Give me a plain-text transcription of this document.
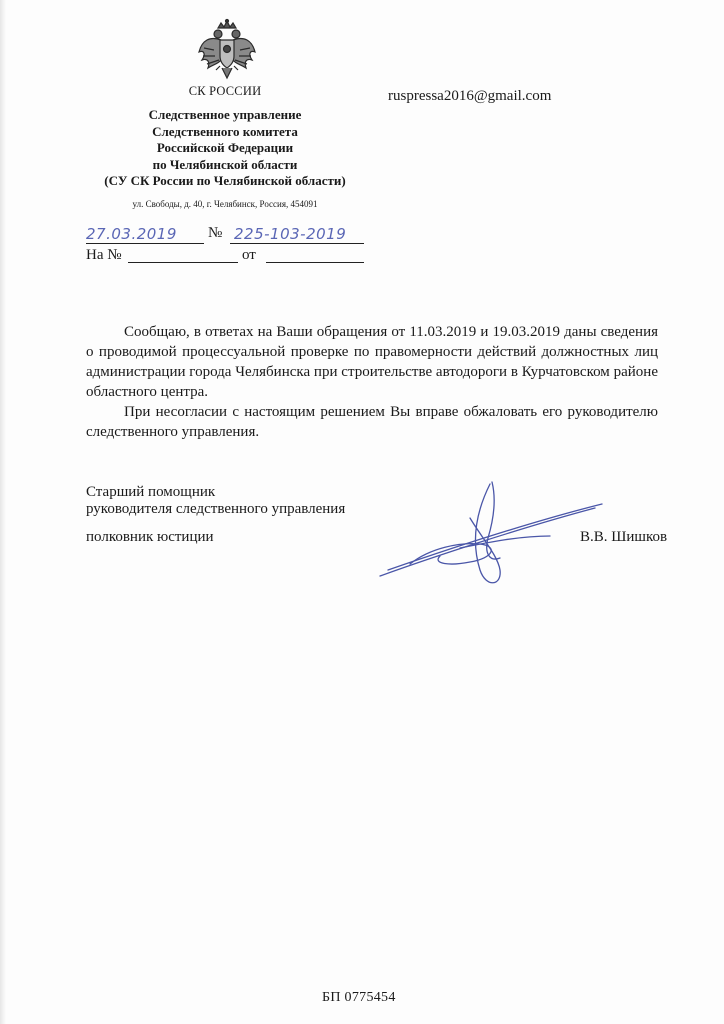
СК РОССИИ
Следственное управление
Следственного комитета
Российской Федерации
по Челябинской области
(СУ СК России по Челябинской области)
ул. Свободы, д. 40, г. Челябинск, Россия, 454091
ruspressa2016@gmail.com
27.03.2019 № 225-103-2019
На №	от

Сообщаю, в ответах на Ваши обращения от 11.03.2019 и 19.03.2019 даны сведения о проводимой процессуальной проверке по правомерности действий должностных лиц администрации города Челябинска при строительстве автодороги в Курчатовском районе областного центра.

При несогласии с настоящим решением Вы вправе обжаловать его руководителю следственного управления.

Старший помощник
руководителя следственного управления
полковник юстиции	В.В. Шишков
БП 0775454
